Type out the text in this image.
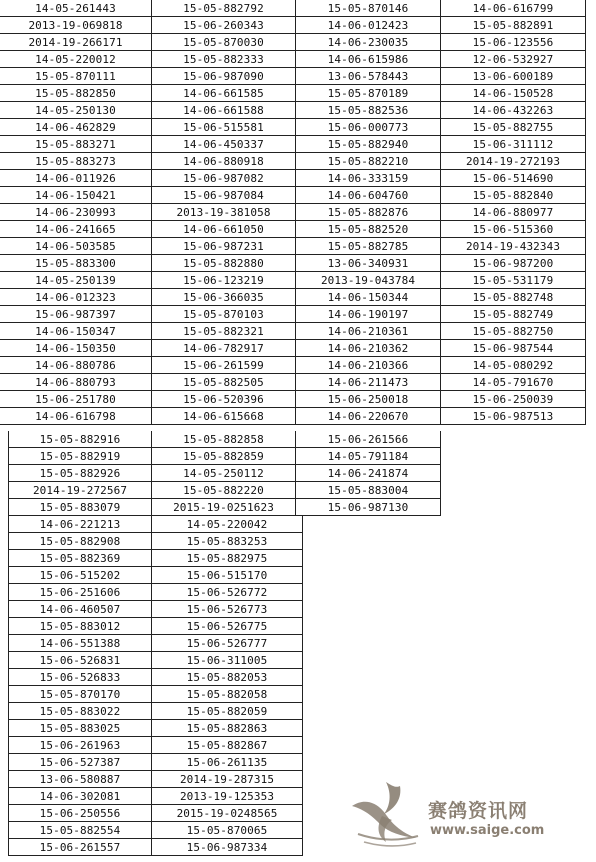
14-05-261443	15-05-882792	15-05-870146	14-06-616799
2013-19-069818	15-06-260343	14-06-012423	15-05-882891
2014-19-266171	15-05-870030	14-06-230035	15-06-123556
14-05-220012	15-05-882333	14-06-615986	12-06-532927
15-05-870111	15-06-987090	13-06-578443	13-06-600189
15-05-882850	14-06-661585	15-05-870189	14-06-150528
14-05-250130	14-06-661588	15-05-882536	14-06-432263
14-06-462829	15-06-515581	15-06-000773	15-05-882755
15-05-883271	14-06-450337	15-05-882940	15-06-311112
15-05-883273	14-06-880918	15-05-882210	2014-19-272193
14-06-011926	15-06-987082	14-06-333159	15-06-514690
14-06-150421	15-06-987084	14-06-604760	15-05-882840
14-06-230993	2013-19-381058	15-05-882876	14-06-880977
14-06-241665	14-06-661050	15-05-882520	15-06-515360
14-06-503585	15-06-987231	15-05-882785	2014-19-432343
15-05-883300	15-05-882880	13-06-340931	15-06-987200
14-05-250139	15-06-123219	2013-19-043784	15-05-531179
14-06-012323	15-06-366035	14-06-150344	15-05-882748
15-06-987397	15-05-870103	14-06-190197	15-05-882749
14-06-150347	15-05-882321	14-06-210361	15-05-882750
14-06-150350	14-06-782917	14-06-210362	15-06-987544
14-06-880786	15-06-261599	14-06-210366	14-05-080292
14-06-880793	15-05-882505	14-06-211473	14-05-791670
15-06-251780	15-06-520396	15-06-250018	15-06-250039
14-06-616798	14-06-615668	14-06-220670	15-06-987513
15-05-882916	15-05-882858	15-06-261566
15-05-882919	15-05-882859	14-05-791184
15-05-882926	14-05-250112	14-06-241874
2014-19-272567	15-05-882220	15-05-883004
15-05-883079	2015-19-0251623	15-06-987130
14-06-221213	14-05-220042
15-05-882908	15-05-883253
15-05-882369	15-05-882975
15-06-515202	15-06-515170
15-06-251606	15-06-526772
14-06-460507	15-06-526773
15-05-883012	15-06-526775
14-06-551388	15-06-526777
15-06-526831	15-06-311005
15-06-526833	15-05-882053
15-05-870170	15-05-882058
15-05-883022	15-05-882059
15-05-883025	15-05-882863
15-06-261963	15-05-882867
15-06-527387	15-06-261135
13-06-580887	2014-19-287315
14-06-302081	2013-19-125353
15-06-250556	2015-19-0248565
15-05-882554	15-05-870065
15-06-261557	15-06-987334
赛鸽资讯网
www.saige.com
